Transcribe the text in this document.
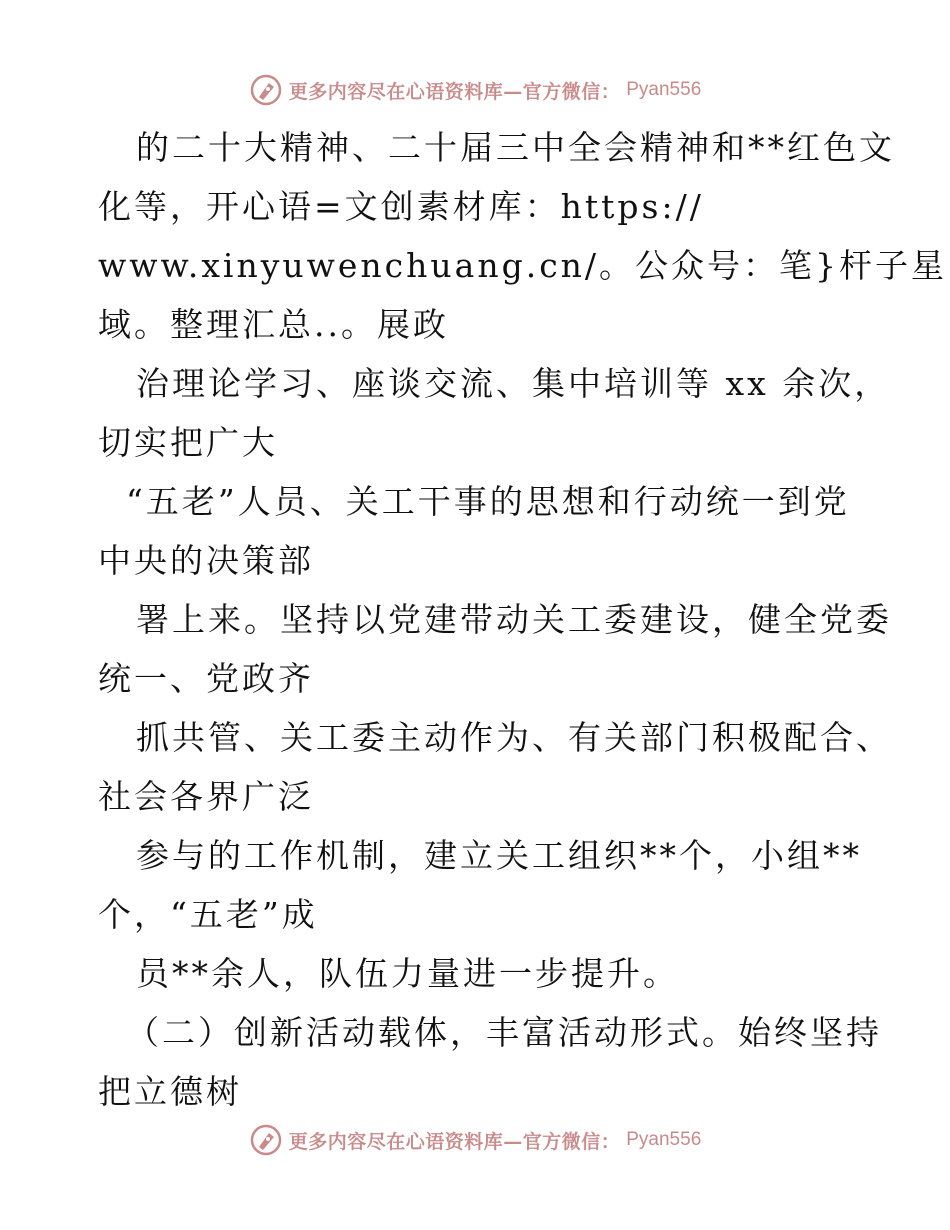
更多内容尽在心语资料库—官方微信： Pyan556
的二十大精神、二十届三中全会精神和**红色文
化等，开心语=文创素材库：https://
www.xinyuwenchuang.cn/。公众号：笔}杆子星
域。整理汇总..。展政
治理论学习、座谈交流、集中培训等 xx 余次，
切实把广大
“五老”人员、关工干事的思想和行动统一到党
中央的决策部
署上来。坚持以党建带动关工委建设，健全党委
统一、党政齐
抓共管、关工委主动作为、有关部门积极配合、
社会各界广泛
参与的工作机制，建立关工组织**个，小组**
个，“五老”成
员**余人，队伍力量进一步提升。
（二）创新活动载体，丰富活动形式。始终坚持
把立德树
更多内容尽在心语资料库—官方微信： Pyan556
